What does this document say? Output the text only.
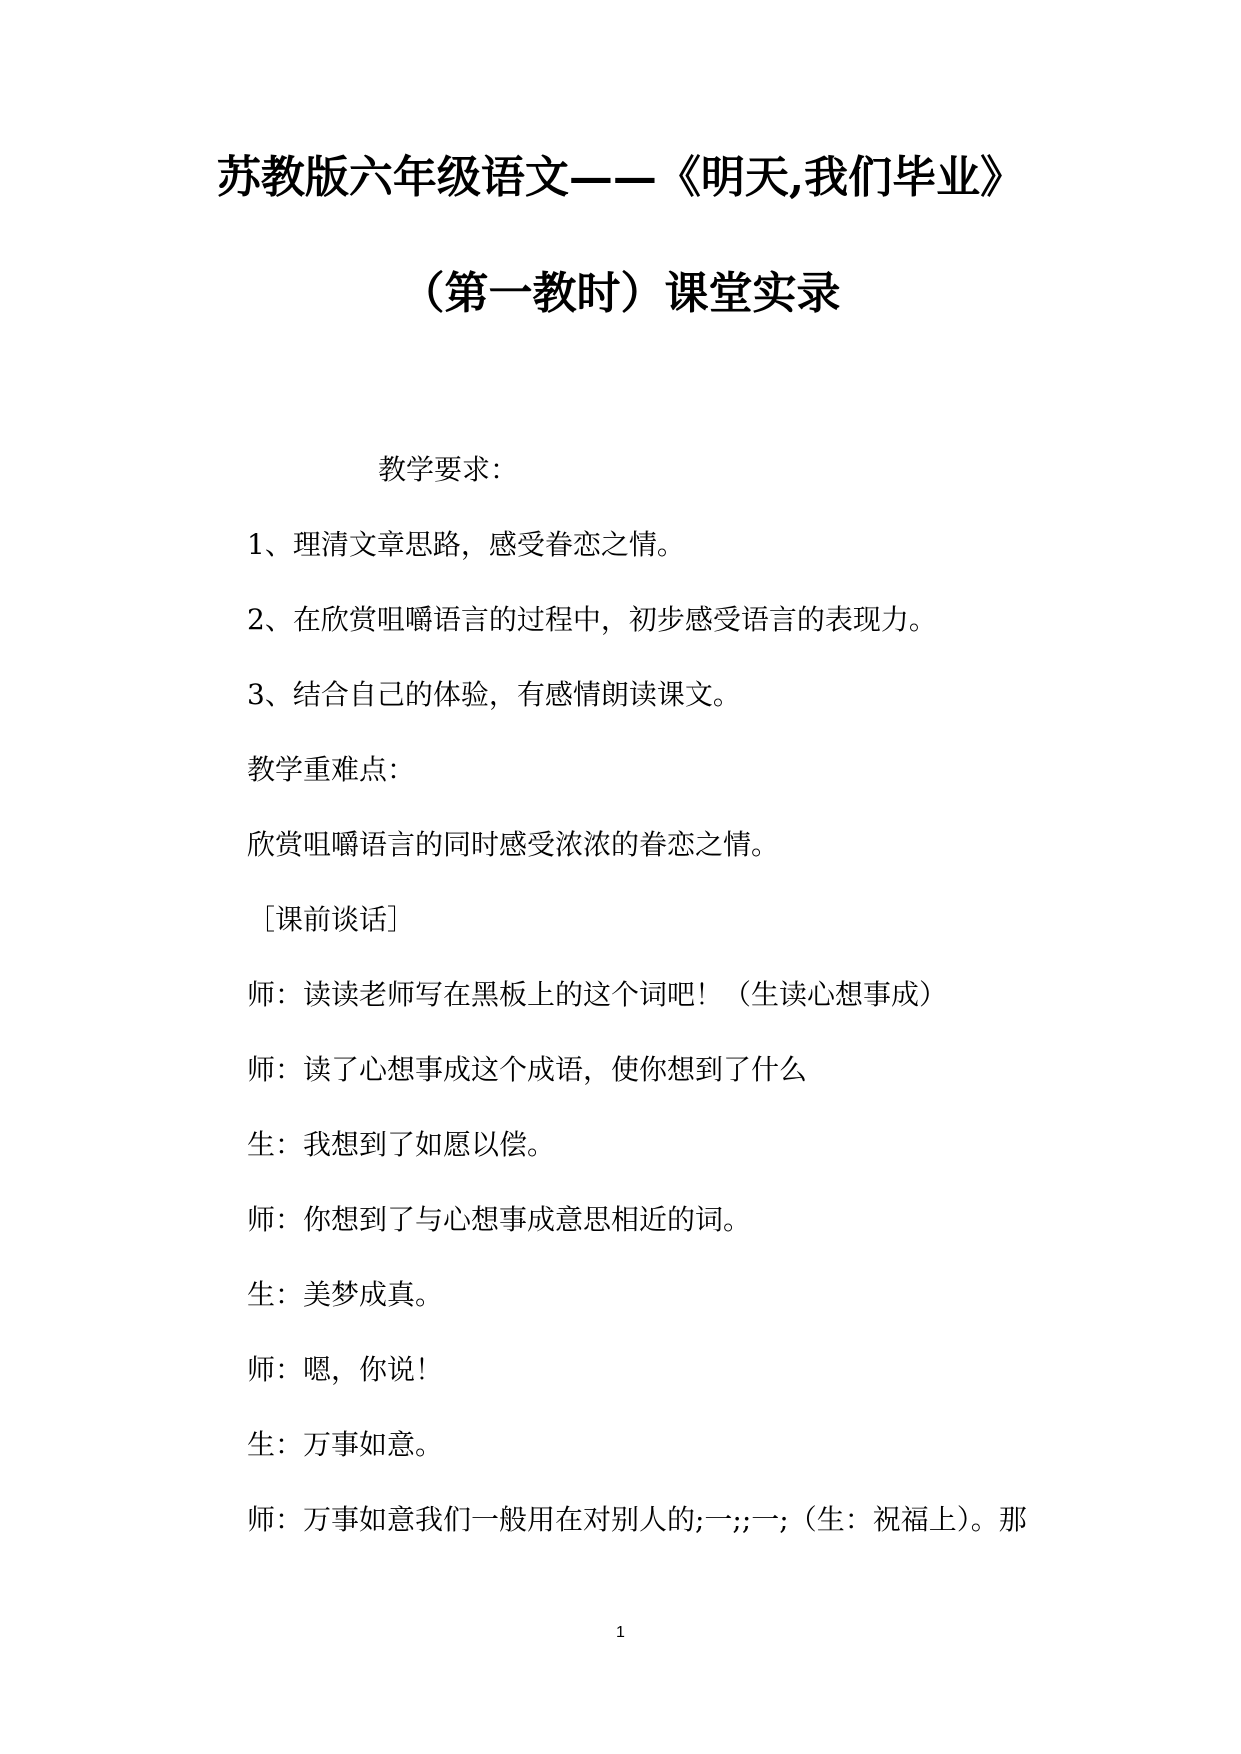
苏教版六年级语文——《明天,我们毕业》
（第一教时）课堂实录
教学要求：
1、理清文章思路，感受眷恋之情。
2、在欣赏咀嚼语言的过程中，初步感受语言的表现力。
3、结合自己的体验，有感情朗读课文。
教学重难点：
欣赏咀嚼语言的同时感受浓浓的眷恋之情。
［课前谈话］
师：读读老师写在黑板上的这个词吧！（生读心想事成）
师：读了心想事成这个成语，使你想到了什么
生：我想到了如愿以偿。
师：你想到了与心想事成意思相近的词。
生：美梦成真。
师：嗯，你说！
生：万事如意。
师：万事如意我们一般用在对别人的;一;;一;（生：祝福上）。那
1
